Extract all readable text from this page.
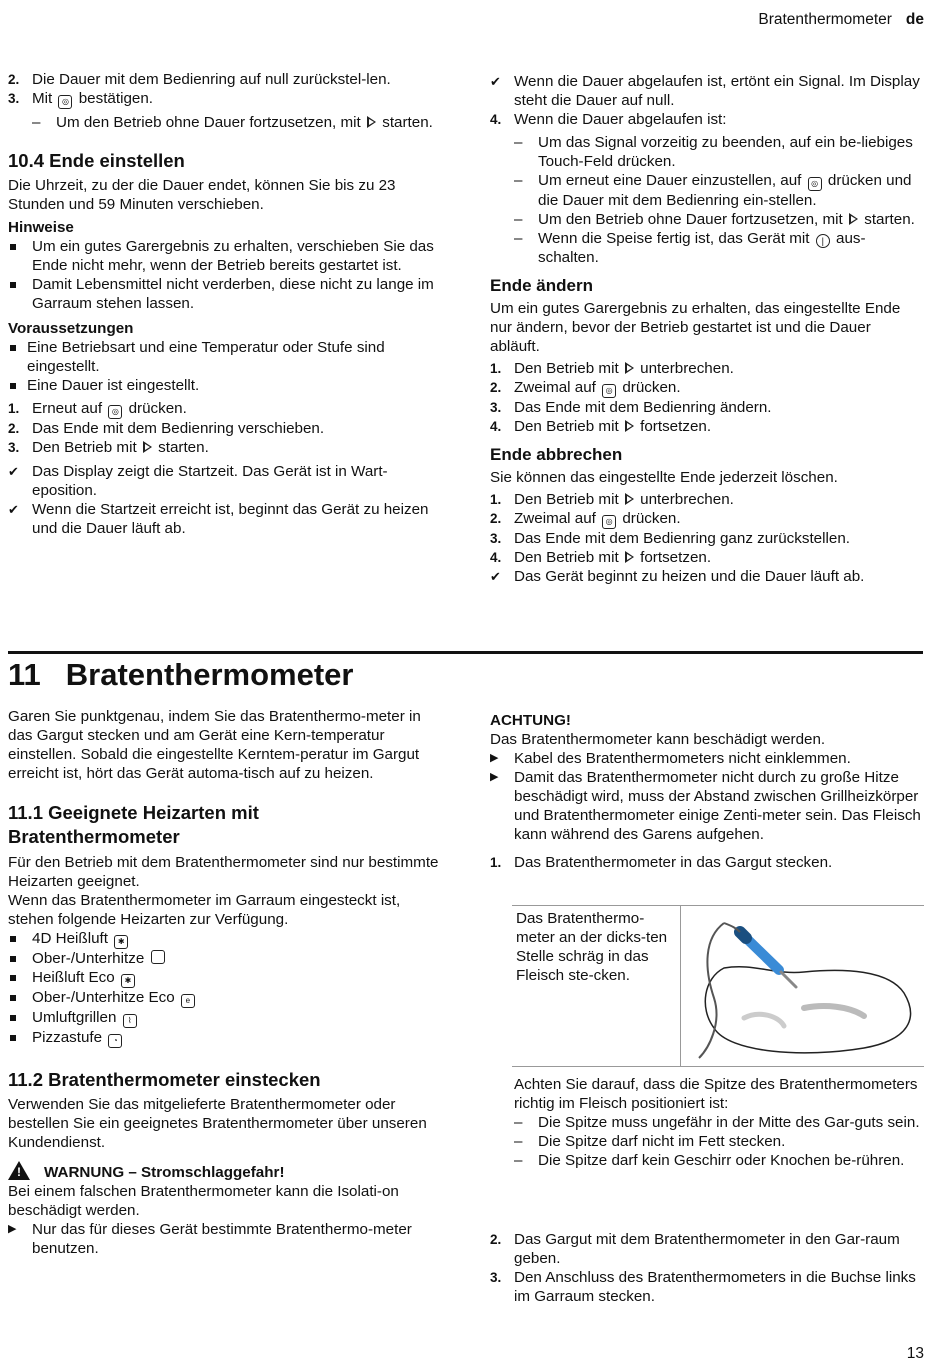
Bratenthermometer de

2. Die Dauer mit dem Bedienring auf null zurückstel-len.

3. Mit ◎ bestätigen.

– Um den Betrieb ohne Dauer fortzusetzen, mit starten.

10.4 Ende einstellen

Die Uhrzeit, zu der die Dauer endet, können Sie bis zu 23 Stunden und 59 Minuten verschieben.

Hinweise

Um ein gutes Garergebnis zu erhalten, verschieben Sie das Ende nicht mehr, wenn der Betrieb bereits gestartet ist.

Damit Lebensmittel nicht verderben, diese nicht zu lange im Garraum stehen lassen.

Voraussetzungen

Eine Betriebsart und eine Temperatur oder Stufe sind eingestellt.

Eine Dauer ist eingestellt.

1. Erneut auf ◎ drücken.

2. Das Ende mit dem Bedienring verschieben.

3. Den Betrieb mit starten.

✔ Das Display zeigt die Startzeit. Das Gerät ist in Wart-eposition.

✔ Wenn die Startzeit erreicht ist, beginnt das Gerät zu heizen und die Dauer läuft ab.

✔ Wenn die Dauer abgelaufen ist, ertönt ein Signal. Im Display steht die Dauer auf null.

4. Wenn die Dauer abgelaufen ist:

– Um das Signal vorzeitig zu beenden, auf ein be-liebiges Touch-Feld drücken.

– Um erneut eine Dauer einzustellen, auf ◎ drücken und die Dauer mit dem Bedienring ein-stellen.

– Um den Betrieb ohne Dauer fortzusetzen, mit starten.

– Wenn die Speise fertig ist, das Gerät mit | aus-schalten.

Ende ändern

Um ein gutes Garergebnis zu erhalten, das eingestellte Ende nur ändern, bevor der Betrieb gestartet ist und die Dauer abläuft.

1. Den Betrieb mit unterbrechen.

2. Zweimal auf ◎ drücken.

3. Das Ende mit dem Bedienring ändern.

4. Den Betrieb mit fortsetzen.

Ende abbrechen

Sie können das eingestellte Ende jederzeit löschen.

1. Den Betrieb mit unterbrechen.

2. Zweimal auf ◎ drücken.

3. Das Ende mit dem Bedienring ganz zurückstellen.

4. Den Betrieb mit fortsetzen.

✔ Das Gerät beginnt zu heizen und die Dauer läuft ab.

11 Bratenthermometer

Garen Sie punktgenau, indem Sie das Bratenthermo-meter in das Gargut stecken und am Gerät eine Kern-temperatur einstellen. Sobald die eingestellte Kerntem-peratur im Gargut erreicht ist, hört das Gerät automa-tisch auf zu heizen.

11.1 Geeignete Heizarten mit Bratenthermometer

Für den Betrieb mit dem Bratenthermometer sind nur bestimmte Heizarten geeignet.

Wenn das Bratenthermometer im Garraum eingesteckt ist, stehen folgende Heizarten zur Verfügung.

4D Heißluft ✱

Ober-/Unterhitze

Heißluft Eco ✱

Ober-/Unterhitze Eco e

Umluftgrillen ⌇

Pizzastufe ◔

11.2 Bratenthermometer einstecken

Verwenden Sie das mitgelieferte Bratenthermometer oder bestellen Sie ein geeignetes Bratenthermometer über unseren Kundendienst.

!WARNUNG – Stromschlaggefahr!

Bei einem falschen Bratenthermometer kann die Isolati-on beschädigt werden.

▶ Nur das für dieses Gerät bestimmte Bratenthermo-meter benutzen.

ACHTUNG!

Das Bratenthermometer kann beschädigt werden.

▶ Kabel des Bratenthermometers nicht einklemmen.

▶ Damit das Bratenthermometer nicht durch zu große Hitze beschädigt wird, muss der Abstand zwischen Grillheizkörper und Bratenthermometer einige Zenti-meter sein. Das Fleisch kann während des Garens aufgehen.

1. Das Bratenthermometer in das Gargut stecken.

Das Bratenthermo-meter an der dicks-ten Stelle schräg in das Fleisch ste-cken.

Achten Sie darauf, dass die Spitze des Bratenthermometers richtig im Fleisch positioniert ist:

– Die Spitze muss ungefähr in der Mitte des Gar-guts sein.

– Die Spitze darf nicht im Fett stecken.

– Die Spitze darf kein Geschirr oder Knochen be-rühren.

2. Das Gargut mit dem Bratenthermometer in den Gar-raum geben.

3. Den Anschluss des Bratenthermometers in die Buchse links im Garraum stecken.

13
